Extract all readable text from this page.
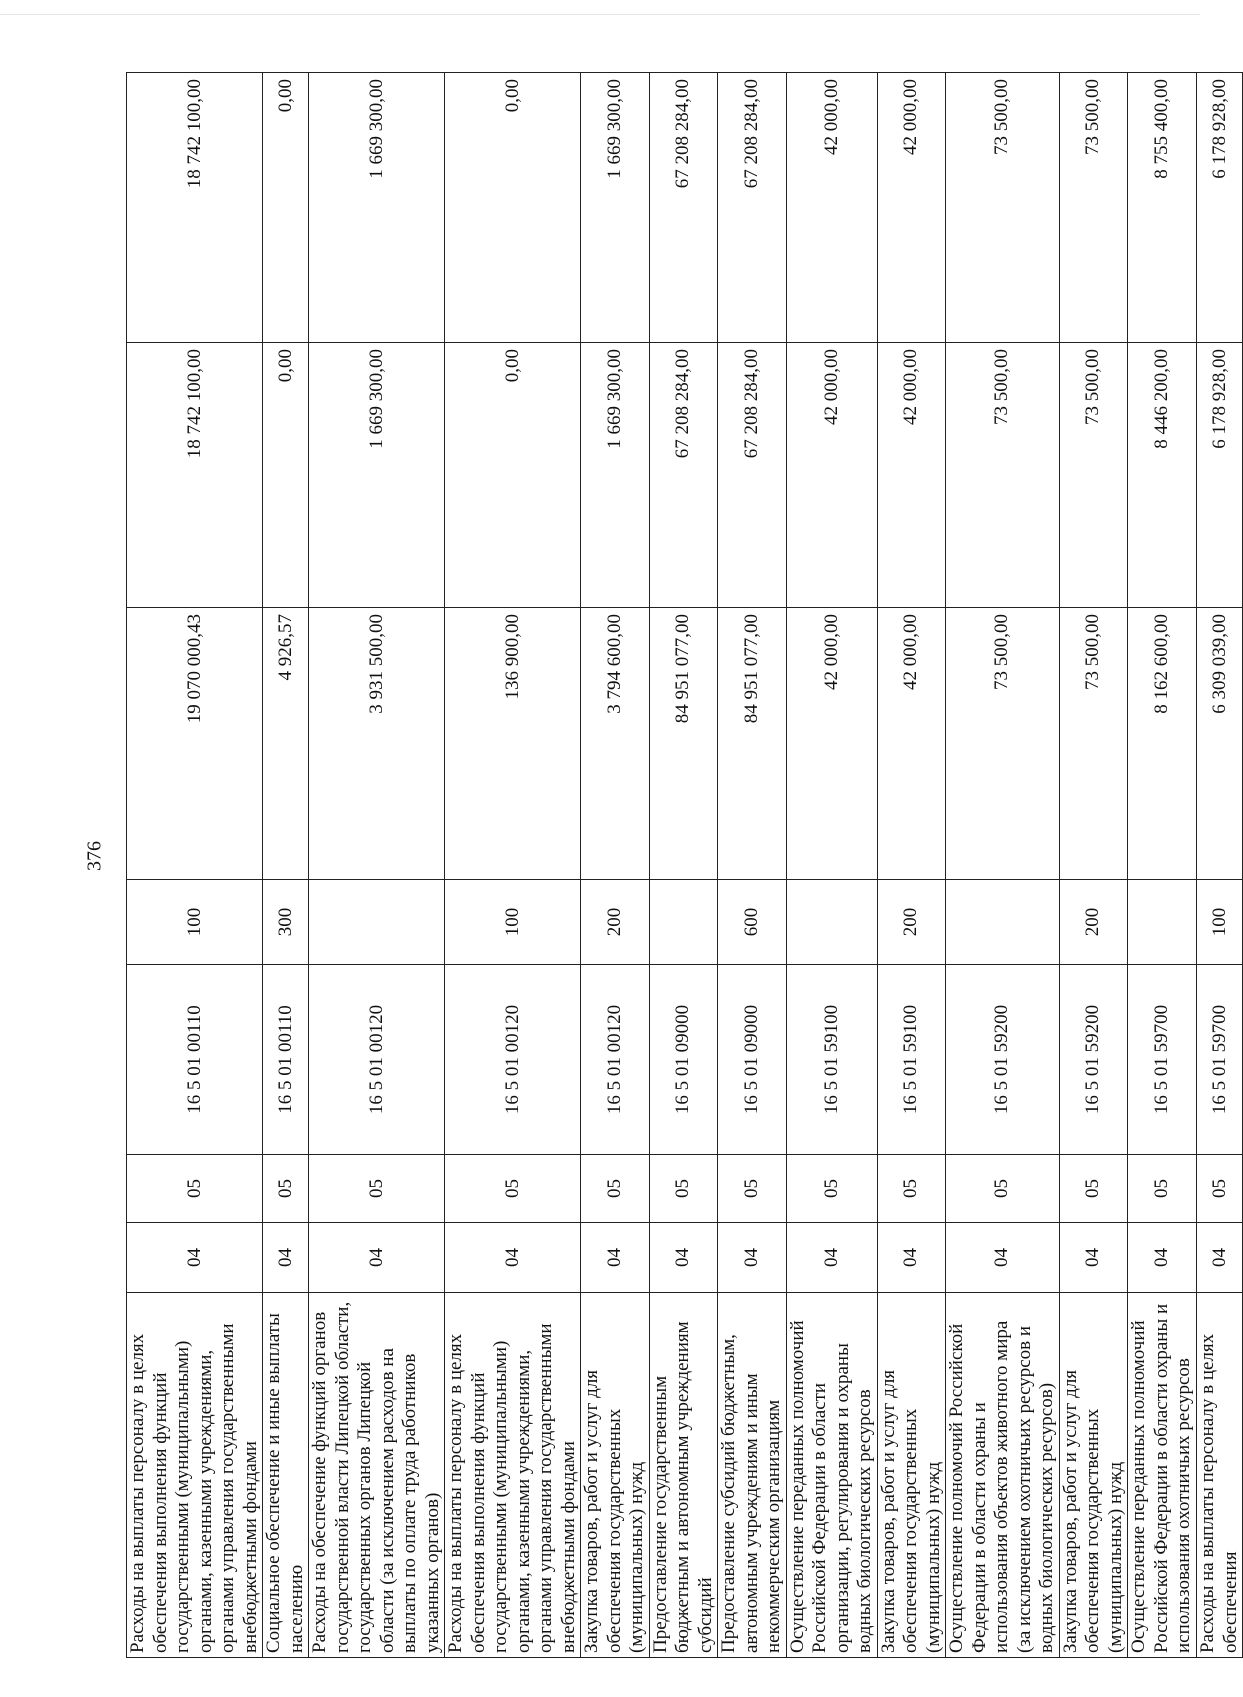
376
Расходы на выплаты персоналу в целях обеспечения выполнения функций государственными (муниципальными) органами, казенными учреждениями, органами управления государственными внебюджетными фондами	04	05	16 5 01 00110	100	19 070 000,43	18 742 100,00	18 742 100,00
Социальное обеспечение и иные выплаты населению	04	05	16 5 01 00110	300	4 926,57	0,00	0,00
Расходы на обеспечение функций органов государственной власти Липецкой области, государственных органов Липецкой области (за исключением расходов на выплаты по оплате труда работников указанных органов)	04	05	16 5 01 00120		3 931 500,00	1 669 300,00	1 669 300,00
Расходы на выплаты персоналу в целях обеспечения выполнения функций государственными (муниципальными) органами, казенными учреждениями, органами управления государственными внебюджетными фондами	04	05	16 5 01 00120	100	136 900,00	0,00	0,00
Закупка товаров, работ и услуг для обеспечения государственных (муниципальных) нужд	04	05	16 5 01 00120	200	3 794 600,00	1 669 300,00	1 669 300,00
Предоставление государственным бюджетным и автономным учреждениям субсидий	04	05	16 5 01 09000		84 951 077,00	67 208 284,00	67 208 284,00
Предоставление субсидий бюджетным, автономным учреждениям и иным некоммерческим организациям	04	05	16 5 01 09000	600	84 951 077,00	67 208 284,00	67 208 284,00
Осуществление переданных полномочий Российской Федерации в области организации, регулирования и охраны водных биологических ресурсов	04	05	16 5 01 59100		42 000,00	42 000,00	42 000,00
Закупка товаров, работ и услуг для обеспечения государственных (муниципальных) нужд	04	05	16 5 01 59100	200	42 000,00	42 000,00	42 000,00
Осуществление полномочий Российской Федерации в области охраны и использования объектов животного мира (за исключением охотничьих ресурсов и водных биологических ресурсов)	04	05	16 5 01 59200		73 500,00	73 500,00	73 500,00
Закупка товаров, работ и услуг для обеспечения государственных (муниципальных) нужд	04	05	16 5 01 59200	200	73 500,00	73 500,00	73 500,00
Осуществление переданных полномочий Российской Федерации в области охраны и использования охотничьих ресурсов	04	05	16 5 01 59700		8 162 600,00	8 446 200,00	8 755 400,00
Расходы на выплаты персоналу в целях обеспечения	04	05	16 5 01 59700	100	6 309 039,00	6 178 928,00	6 178 928,00
